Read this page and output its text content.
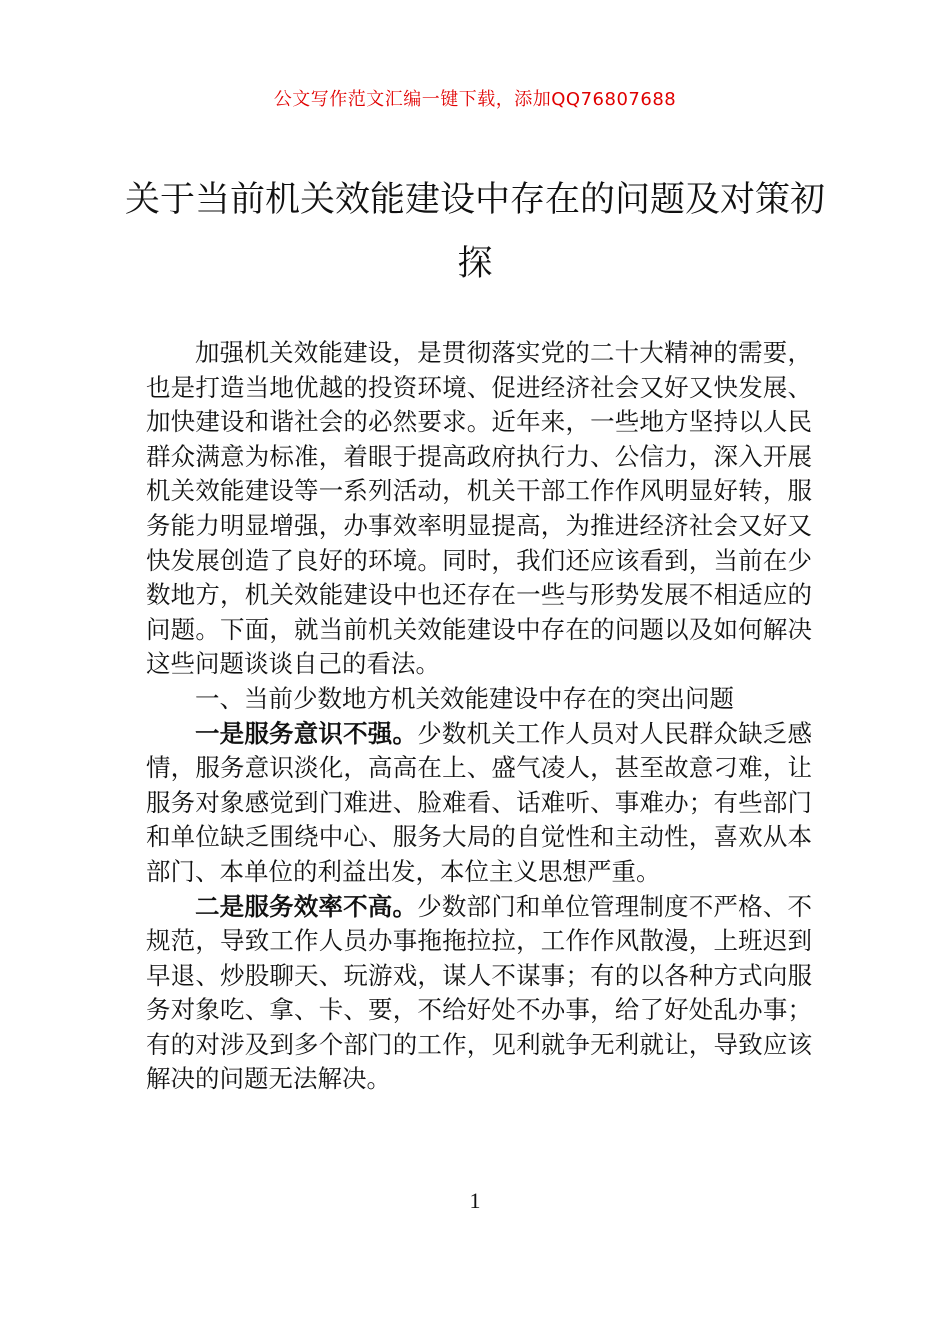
公文写作范文汇编一键下载，添加QQ76807688
关于当前机关效能建设中存在的问题及对策初探

加强机关效能建设，是贯彻落实党的二十大精神的需要，也是打造当地优越的投资环境、促进经济社会又好又快发展、加快建设和谐社会的必然要求。近年来，一些地方坚持以人民群众满意为标准，着眼于提高政府执行力、公信力，深入开展机关效能建设等一系列活动，机关干部工作作风明显好转，服务能力明显增强，办事效率明显提高，为推进经济社会又好又快发展创造了良好的环境。同时，我们还应该看到，当前在少数地方，机关效能建设中也还存在一些与形势发展不相适应的问题。下面，就当前机关效能建设中存在的问题以及如何解决这些问题谈谈自己的看法。

一、当前少数地方机关效能建设中存在的突出问题

一是服务意识不强。少数机关工作人员对人民群众缺乏感情，服务意识淡化，高高在上、盛气凌人，甚至故意刁难，让服务对象感觉到门难进、脸难看、话难听、事难办；有些部门和单位缺乏围绕中心、服务大局的自觉性和主动性，喜欢从本部门、本单位的利益出发，本位主义思想严重。

二是服务效率不高。少数部门和单位管理制度不严格、不规范，导致工作人员办事拖拖拉拉，工作作风散漫，上班迟到早退、炒股聊天、玩游戏，谋人不谋事；有的以各种方式向服务对象吃、拿、卡、要，不给好处不办事，给了好处乱办事；有的对涉及到多个部门的工作，见利就争无利就让，导致应该解决的问题无法解决。

1
